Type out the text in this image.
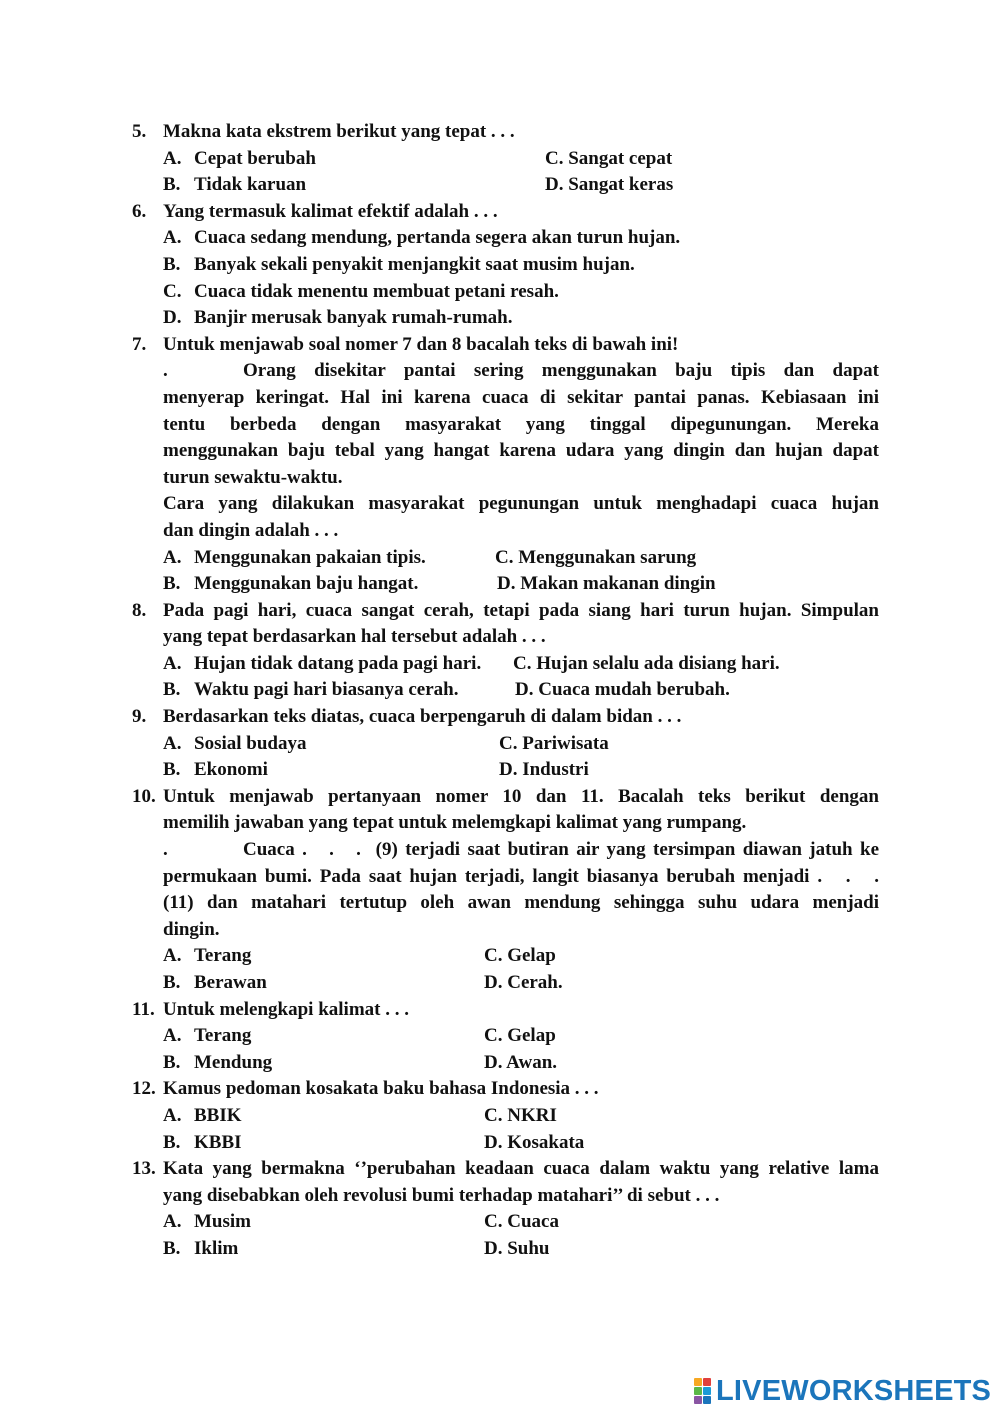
5. Makna kata ekstrem berikut yang tepat . . .
A. Cepat berubah	C. Sangat cepat
B. Tidak karuan	D. Sangat keras
6. Yang termasuk kalimat efektif adalah . . .
A. Cuaca sedang mendung, pertanda segera akan turun hujan.
B. Banyak sekali penyakit menjangkit saat musim hujan.
C. Cuaca tidak menentu membuat petani resah.
D. Banjir merusak banyak rumah-rumah.
7. Untuk menjawab soal nomer 7 dan 8 bacalah teks di bawah ini!
.	Orang disekitar pantai sering menggunakan baju tipis dan dapat
menyerap keringat. Hal ini karena cuaca di sekitar pantai panas. Kebiasaan ini
tentu berbeda dengan masyarakat yang tinggal dipegunungan. Mereka
menggunakan baju tebal yang hangat karena udara yang dingin dan hujan dapat
turun sewaktu-waktu.
Cara yang dilakukan masyarakat pegunungan untuk menghadapi cuaca hujan
dan dingin adalah . . .
A. Menggunakan pakaian tipis.	C. Menggunakan sarung
B. Menggunakan baju hangat.	D. Makan makanan dingin
8. Pada pagi hari, cuaca sangat cerah, tetapi pada siang hari turun hujan. Simpulan
yang tepat berdasarkan hal tersebut adalah . . .
A. Hujan tidak datang pada pagi hari. C. Hujan selalu ada disiang hari.
B. Waktu pagi hari biasanya cerah.	D. Cuaca mudah berubah.
9. Berdasarkan teks diatas, cuaca berpengaruh di dalam bidan . . .
A. Sosial budaya	C. Pariwisata
B. Ekonomi	D. Industri
10. Untuk menjawab pertanyaan nomer 10 dan 11. Bacalah teks berikut dengan
memilih jawaban yang tepat untuk melemgkapi kalimat yang rumpang.
.	Cuaca .   .   .  (9) terjadi saat butiran air yang tersimpan diawan jatuh ke
permukaan bumi. Pada saat hujan terjadi, langit biasanya berubah menjadi .   .   .
(11) dan matahari tertutup oleh awan mendung sehingga suhu udara menjadi
dingin.
A. Terang	C. Gelap
B. Berawan	D. Cerah.
11. Untuk melengkapi kalimat . . .
A. Terang	C. Gelap
B. Mendung	D. Awan.
12. Kamus pedoman kosakata baku bahasa Indonesia . . .
A. BBIK	C. NKRI
B. KBBI	D. Kosakata
13. Kata yang bermakna ‘’perubahan keadaan cuaca dalam waktu yang relative lama
yang disebabkan oleh revolusi bumi terhadap matahari’’ di sebut . . .
A. Musim	C. Cuaca
B. Iklim	D. Suhu
LIVEWORKSHEETS
